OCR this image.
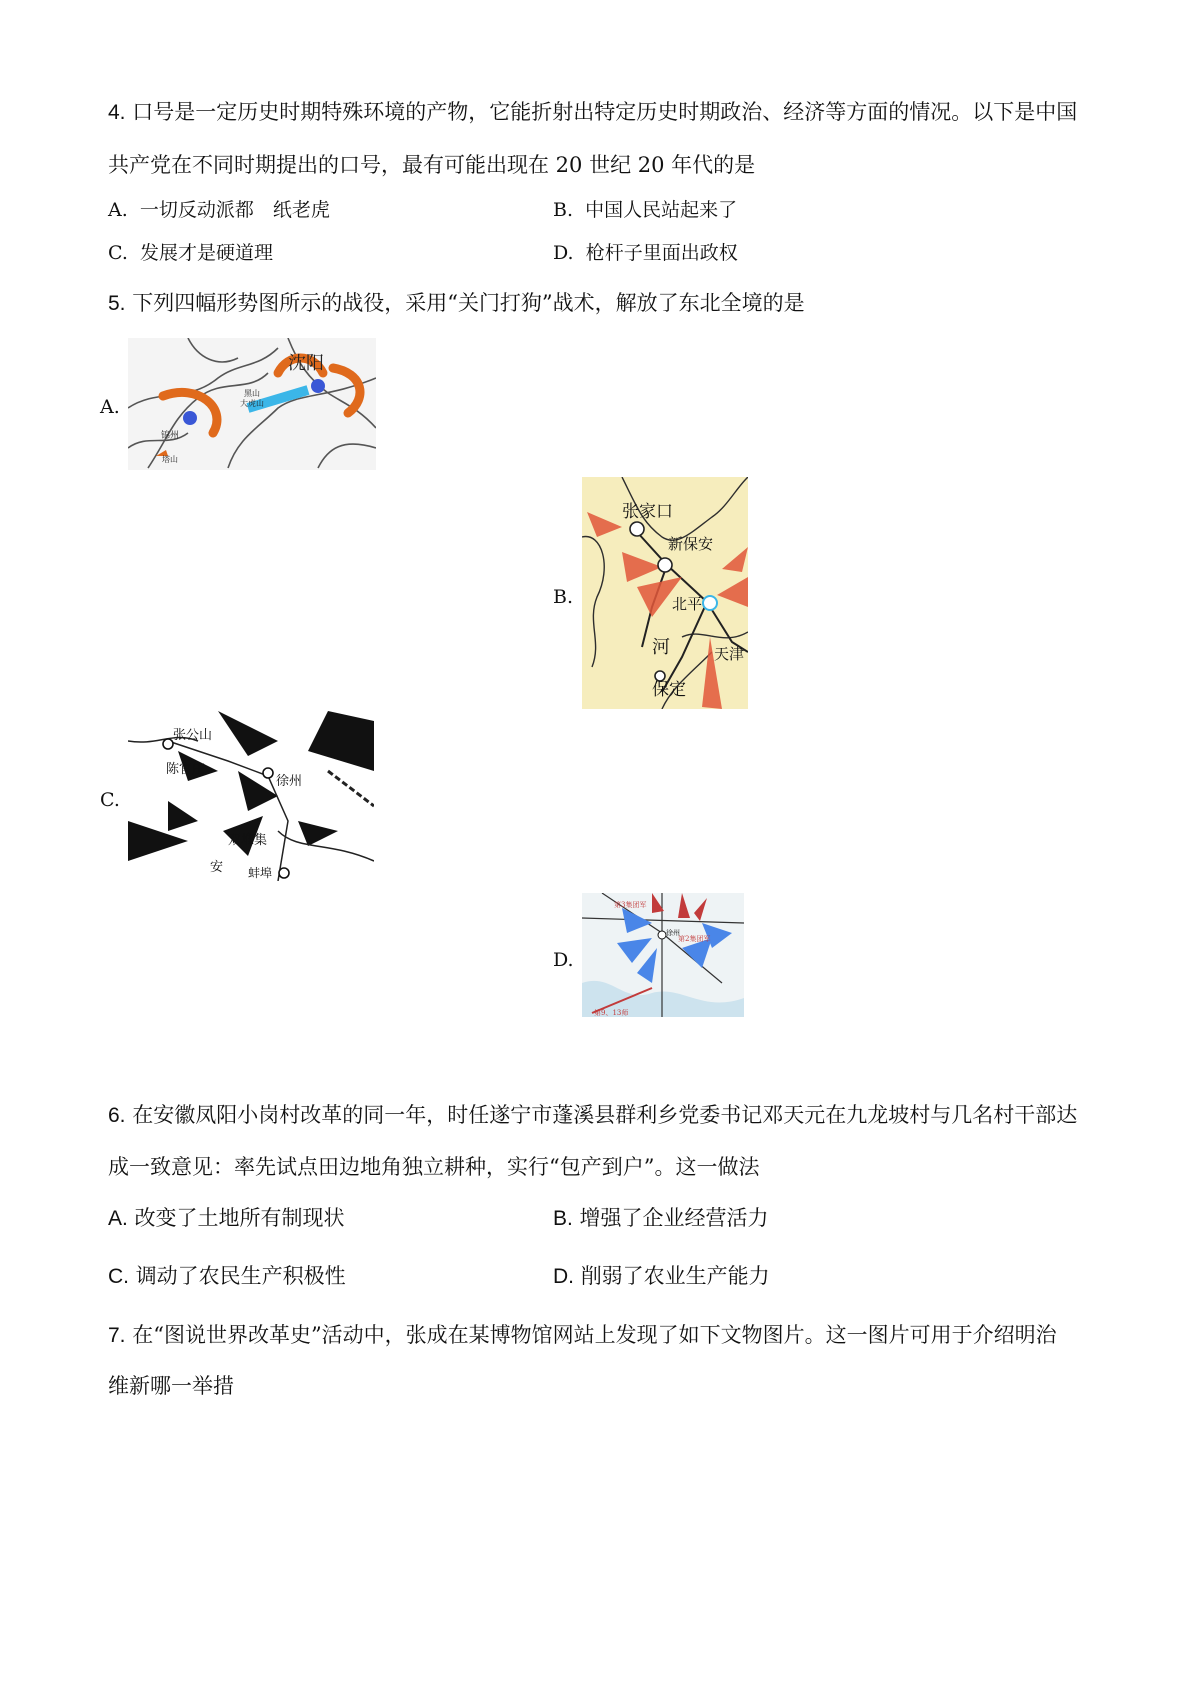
4. 口号是一定历史时期特殊环境的产物，它能折射出特定历史时期政治、经济等方面的情况。以下是中国
共产党在不同时期提出的口号，最有可能出现在 20 世纪 20 年代的是
A. 一切反动派都　纸老虎	B. 中国人民站起来了
C. 发展才是硬道理	D. 枪杆子里面出政权
5. 下列四幅形势图所示的战役，采用“关门打狗”战术，解放了东北全境的是
A.
沈阳
黑山
大虎山
锦州
塔山
B.
张家口
新保安
北平
河	天津
保定
C.
张公山
陈官庄
徐州
双堆集
安 蚌埠
D.
第3集团军
第2集团军
徐州
第9、13师
6. 在安徽凤阳小岗村改革的同一年，时任遂宁市蓬溪县群利乡党委书记邓天元在九龙坡村与几名村干部达
成一致意见：率先试点田边地角独立耕种，实行“包产到户”。这一做法
A. 改变了土地所有制现状	B. 增强了企业经营活力
C. 调动了农民生产积极性	D. 削弱了农业生产能力
7. 在“图说世界改革史”活动中，张成在某博物馆网站上发现了如下文物图片。这一图片可用于介绍明治
维新哪一举措
